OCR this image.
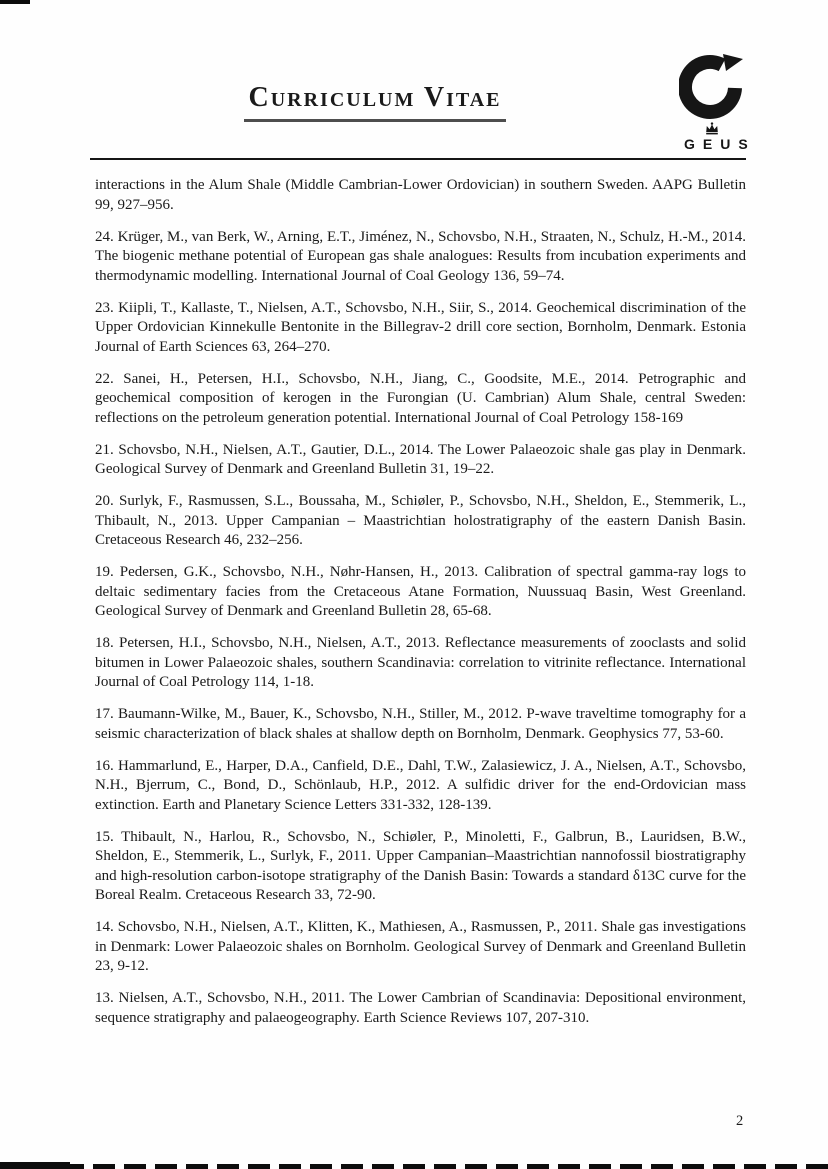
Curriculum Vitae
GEUS

interactions in the Alum Shale (Middle Cambrian-Lower Ordovician) in southern Sweden. AAPG Bulletin 99, 927–956.

24. Krüger, M., van Berk, W., Arning, E.T., Jiménez, N., Schovsbo, N.H., Straaten, N., Schulz, H.-M., 2014. The biogenic methane potential of European gas shale analogues: Results from incubation experiments and thermodynamic modelling. International Journal of Coal Geology 136, 59–74.

23. Kiipli, T., Kallaste, T., Nielsen, A.T., Schovsbo, N.H., Siir, S., 2014. Geochemical discrimination of the Upper Ordovician Kinnekulle Bentonite in the Billegrav-2 drill core section, Bornholm, Denmark. Estonia Journal of Earth Sciences 63, 264–270.

22. Sanei, H., Petersen, H.I., Schovsbo, N.H., Jiang, C., Goodsite, M.E., 2014. Petrographic and geochemical composition of kerogen in the Furongian (U. Cambrian) Alum Shale, central Sweden: reflections on the petroleum generation potential. International Journal of Coal Petrology 158-169

21. Schovsbo, N.H., Nielsen, A.T., Gautier, D.L., 2014. The Lower Palaeozoic shale gas play in Denmark. Geological Survey of Denmark and Greenland Bulletin 31, 19–22.

20. Surlyk, F., Rasmussen, S.L., Boussaha, M., Schiøler, P., Schovsbo, N.H., Sheldon, E., Stemmerik, L., Thibault, N., 2013. Upper Campanian – Maastrichtian holostratigraphy of the eastern Danish Basin. Cretaceous Research 46, 232–256.

19. Pedersen, G.K., Schovsbo, N.H., Nøhr-Hansen, H., 2013. Calibration of spectral gamma-ray logs to deltaic sedimentary facies from the Cretaceous Atane Formation, Nuussuaq Basin, West Greenland. Geological Survey of Denmark and Greenland Bulletin 28, 65-68.

18. Petersen, H.I., Schovsbo, N.H., Nielsen, A.T., 2013. Reflectance measurements of zooclasts and solid bitumen in Lower Palaeozoic shales, southern Scandinavia: correlation to vitrinite reflectance. International Journal of Coal Petrology 114, 1-18.

17. Baumann-Wilke, M., Bauer, K., Schovsbo, N.H., Stiller, M., 2012. P-wave traveltime tomography for a seismic characterization of black shales at shallow depth on Bornholm, Denmark. Geophysics 77, 53-60.

16. Hammarlund, E., Harper, D.A., Canfield, D.E., Dahl, T.W., Zalasiewicz, J. A., Nielsen, A.T., Schovsbo, N.H., Bjerrum, C., Bond, D., Schönlaub, H.P., 2012. A sulfidic driver for the end-Ordovician mass extinction. Earth and Planetary Science Letters 331-332, 128-139.

15. Thibault, N., Harlou, R., Schovsbo, N., Schiøler, P., Minoletti, F., Galbrun, B., Lauridsen, B.W., Sheldon, E., Stemmerik, L., Surlyk, F., 2011. Upper Campanian–Maastrichtian nannofossil biostratigraphy and high-resolution carbon-isotope stratigraphy of the Danish Basin: Towards a standard δ13C curve for the Boreal Realm. Cretaceous Research 33, 72-90.

14. Schovsbo, N.H., Nielsen, A.T., Klitten, K., Mathiesen, A., Rasmussen, P., 2011. Shale gas investigations in Denmark: Lower Palaeozoic shales on Bornholm. Geological Survey of Denmark and Greenland Bulletin 23, 9-12.

13. Nielsen, A.T., Schovsbo, N.H., 2011. The Lower Cambrian of Scandinavia: Depositional environment, sequence stratigraphy and palaeogeography. Earth Science Reviews 107, 207-310.

2
